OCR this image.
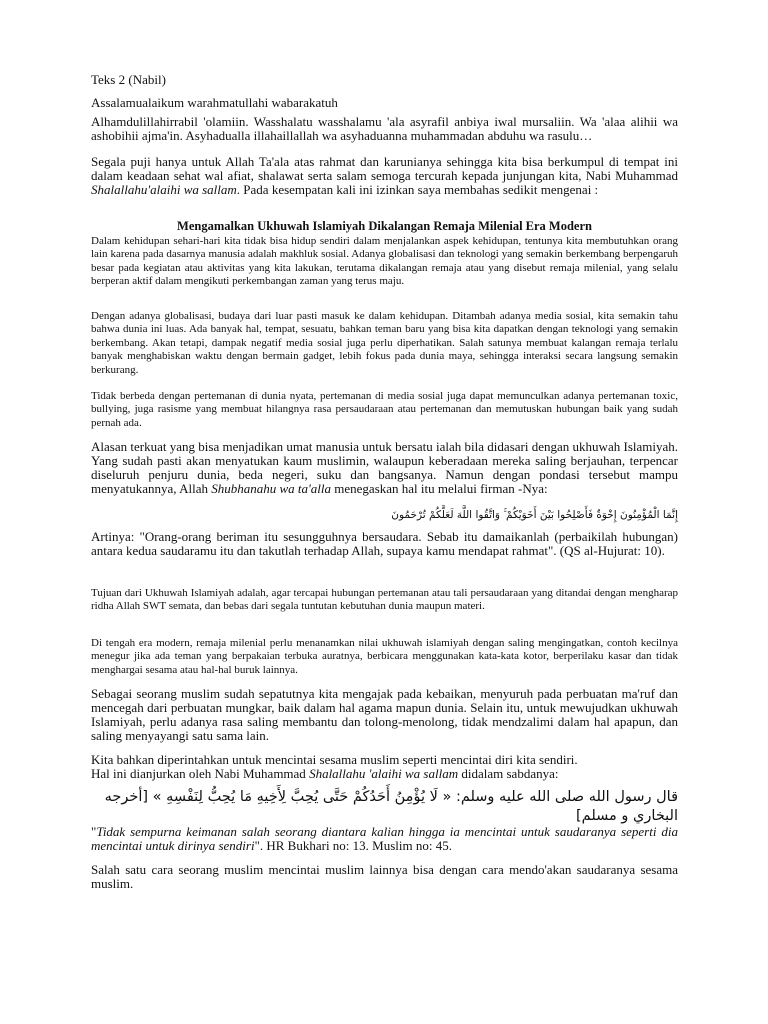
Teks 2 (Nabil)

Assalamualaikum warahmatullahi wabarakatuh

Alhamdulillahirrabil 'olamiin. Wasshalatu wasshalamu 'ala asyrafil anbiya iwal mursaliin. Wa 'alaa alihii wa ashobihii ajma'in. Asyhadualla illahaillallah wa asyhaduanna muhammadan abduhu wa rasulu…

Segala puji hanya untuk Allah Ta'ala atas rahmat dan karunianya sehingga kita bisa berkumpul di tempat ini dalam keadaan sehat wal afiat, shalawat serta salam semoga tercurah kepada junjungan kita, Nabi Muhammad Shalallahu'alaihi wa sallam. Pada kesempatan kali ini izinkan saya membahas sedikit mengenai :

Mengamalkan Ukhuwah Islamiyah Dikalangan Remaja Milenial Era Modern

Dalam kehidupan sehari-hari kita tidak bisa hidup sendiri dalam menjalankan aspek kehidupan, tentunya kita membutuhkan orang lain karena pada dasarnya manusia adalah makhluk sosial. Adanya globalisasi dan teknologi yang semakin berkembang berpengaruh besar pada kegiatan atau aktivitas yang kita lakukan, terutama dikalangan remaja atau yang disebut remaja milenial, yang selalu berperan aktif dalam mengikuti perkembangan zaman yang terus maju.

Dengan adanya globalisasi, budaya dari luar pasti masuk ke dalam kehidupan. Ditambah adanya media sosial, kita semakin tahu bahwa dunia ini luas. Ada banyak hal, tempat, sesuatu, bahkan teman baru yang bisa kita dapatkan dengan teknologi yang semakin berkembang. Akan tetapi, dampak negatif media sosial juga perlu diperhatikan. Salah satunya membuat kalangan remaja terlalu banyak menghabiskan waktu dengan bermain gadget, lebih fokus pada dunia maya, sehingga interaksi secara langsung semakin berkurang.

Tidak berbeda dengan pertemanan di dunia nyata, pertemanan di media sosial juga dapat memunculkan adanya pertemanan toxic, bullying, juga rasisme yang membuat hilangnya rasa persaudaraan atau pertemanan dan memutuskan hubungan baik yang sudah pernah ada.

Alasan terkuat yang bisa menjadikan umat manusia untuk bersatu ialah bila didasari dengan ukhuwah Islamiyah. Yang sudah pasti akan menyatukan kaum muslimin, walaupun keberadaan mereka saling berjauhan, terpencar diseluruh penjuru dunia, beda negeri, suku dan bangsanya. Namun dengan pondasi tersebut mampu menyatukannya, Allah Shubhanahu wa ta'alla menegaskan hal itu melalui firman -Nya:

إِنَّمَا الْمُؤْمِنُونَ إِخْوَةٌ فَأَصْلِحُوا بَيْنَ أَخَوَيْكُمْ ۚ وَاتَّقُوا اللَّهَ لَعَلَّكُمْ تُرْحَمُونَ

Artinya: "Orang-orang beriman itu sesungguhnya bersaudara. Sebab itu damaikanlah (perbaikilah hubungan) antara kedua saudaramu itu dan takutlah terhadap Allah, supaya kamu mendapat rahmat". (QS al-Hujurat: 10).

Tujuan dari Ukhuwah Islamiyah adalah, agar tercapai hubungan pertemanan atau tali persaudaraan yang ditandai dengan mengharap ridha Allah SWT semata, dan bebas dari segala tuntutan kebutuhan dunia maupun materi.

Di tengah era modern, remaja milenial perlu menanamkan nilai ukhuwah islamiyah dengan saling mengingatkan, contoh kecilnya menegur jika ada teman yang berpakaian terbuka auratnya, berbicara menggunakan kata-kata kotor, berperilaku kasar dan tidak menghargai sesama atau hal-hal buruk lainnya.

Sebagai seorang muslim sudah sepatutnya kita mengajak pada kebaikan, menyuruh pada perbuatan ma'ruf dan mencegah dari perbuatan mungkar, baik dalam hal agama mapun dunia. Selain itu, untuk mewujudkan ukhuwah Islamiyah, perlu adanya rasa saling membantu dan tolong-menolong, tidak mendzalimi dalam hal apapun, dan saling menyayangi satu sama lain.

Kita bahkan diperintahkan untuk mencintai sesama muslim seperti mencintai diri kita sendiri.
Hal ini dianjurkan oleh Nabi Muhammad Shalallahu 'alaihi wa sallam didalam sabdanya:

قال رسول الله صلى الله عليه وسلم: « لَا يُؤْمِنُ أَحَدُكُمْ حَتَّى يُحِبَّ لِأَخِيهِ مَا يُحِبُّ لِنَفْسِهِ » [أخرجه البخاري و مسلم]

"Tidak sempurna keimanan salah seorang diantara kalian hingga ia mencintai untuk saudaranya seperti dia mencintai untuk dirinya sendiri". HR Bukhari no: 13. Muslim no: 45.

Salah satu cara seorang muslim mencintai muslim lainnya bisa dengan cara mendo'akan saudaranya sesama muslim.
